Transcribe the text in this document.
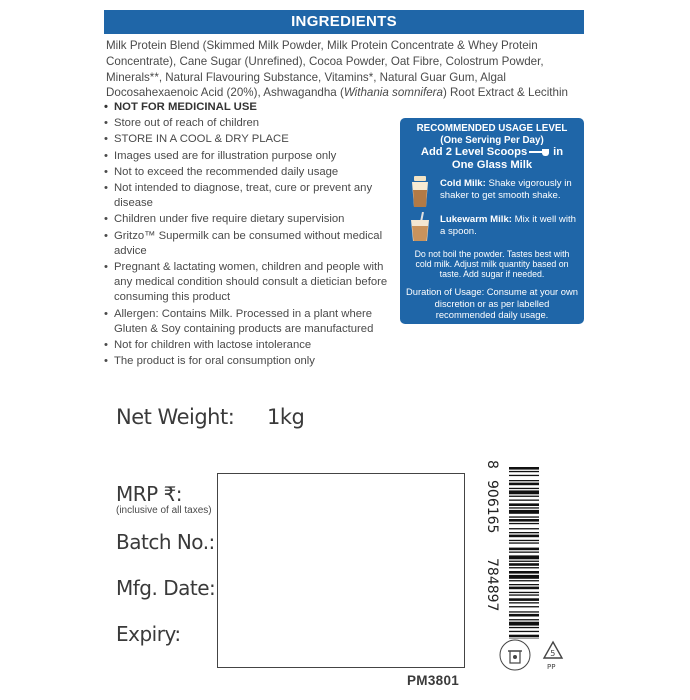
INGREDIENTS
Milk Protein Blend (Skimmed Milk Powder, Milk Protein Concentrate & Whey Protein Concentrate), Cane Sugar (Unrefined), Cocoa Powder, Oat Fibre, Colostrum Powder, Minerals**, Natural Flavouring Substance, Vitamins*, Natural Guar Gum, Algal Docosahexaenoic Acid (20%), Ashwagandha (Withania somnifera) Root Extract & Lecithin
• NOT FOR MEDICINAL USE
• Store out of reach of children
• STORE IN A COOL & DRY PLACE
• Images used are for illustration purpose only
• Not to exceed the recommended daily usage
• Not intended to diagnose, treat, cure or prevent any disease
• Children under five require dietary supervision
• Gritzo™ Supermilk can be consumed without medical advice
• Pregnant & lactating women, children and people with any medical condition should consult a dietician before consuming this product
• Allergen: Contains Milk. Processed in a plant where Gluten & Soy containing products are manufactured
• Not for children with lactose intolerance
• The product is for oral consumption only
RECOMMENDED USAGE LEVEL
(One Serving Per Day)
Add 2 Level Scoops in
One Glass Milk
Cold Milk: Shake vigorously in shaker to get smooth shake.
Lukewarm Milk: Mix it well with a spoon.
Do not boil the powder. Tastes best with cold milk. Adjust milk quantity based on taste. Add sugar if needed.
Duration of Usage: Consume at your own discretion or as per labelled recommended daily usage.
Net Weight: 1kg
MRP ₹:
(inclusive of all taxes)
Batch No.:
Mfg. Date:
Expiry:
8
906165
784897
5
PP
PM3801
